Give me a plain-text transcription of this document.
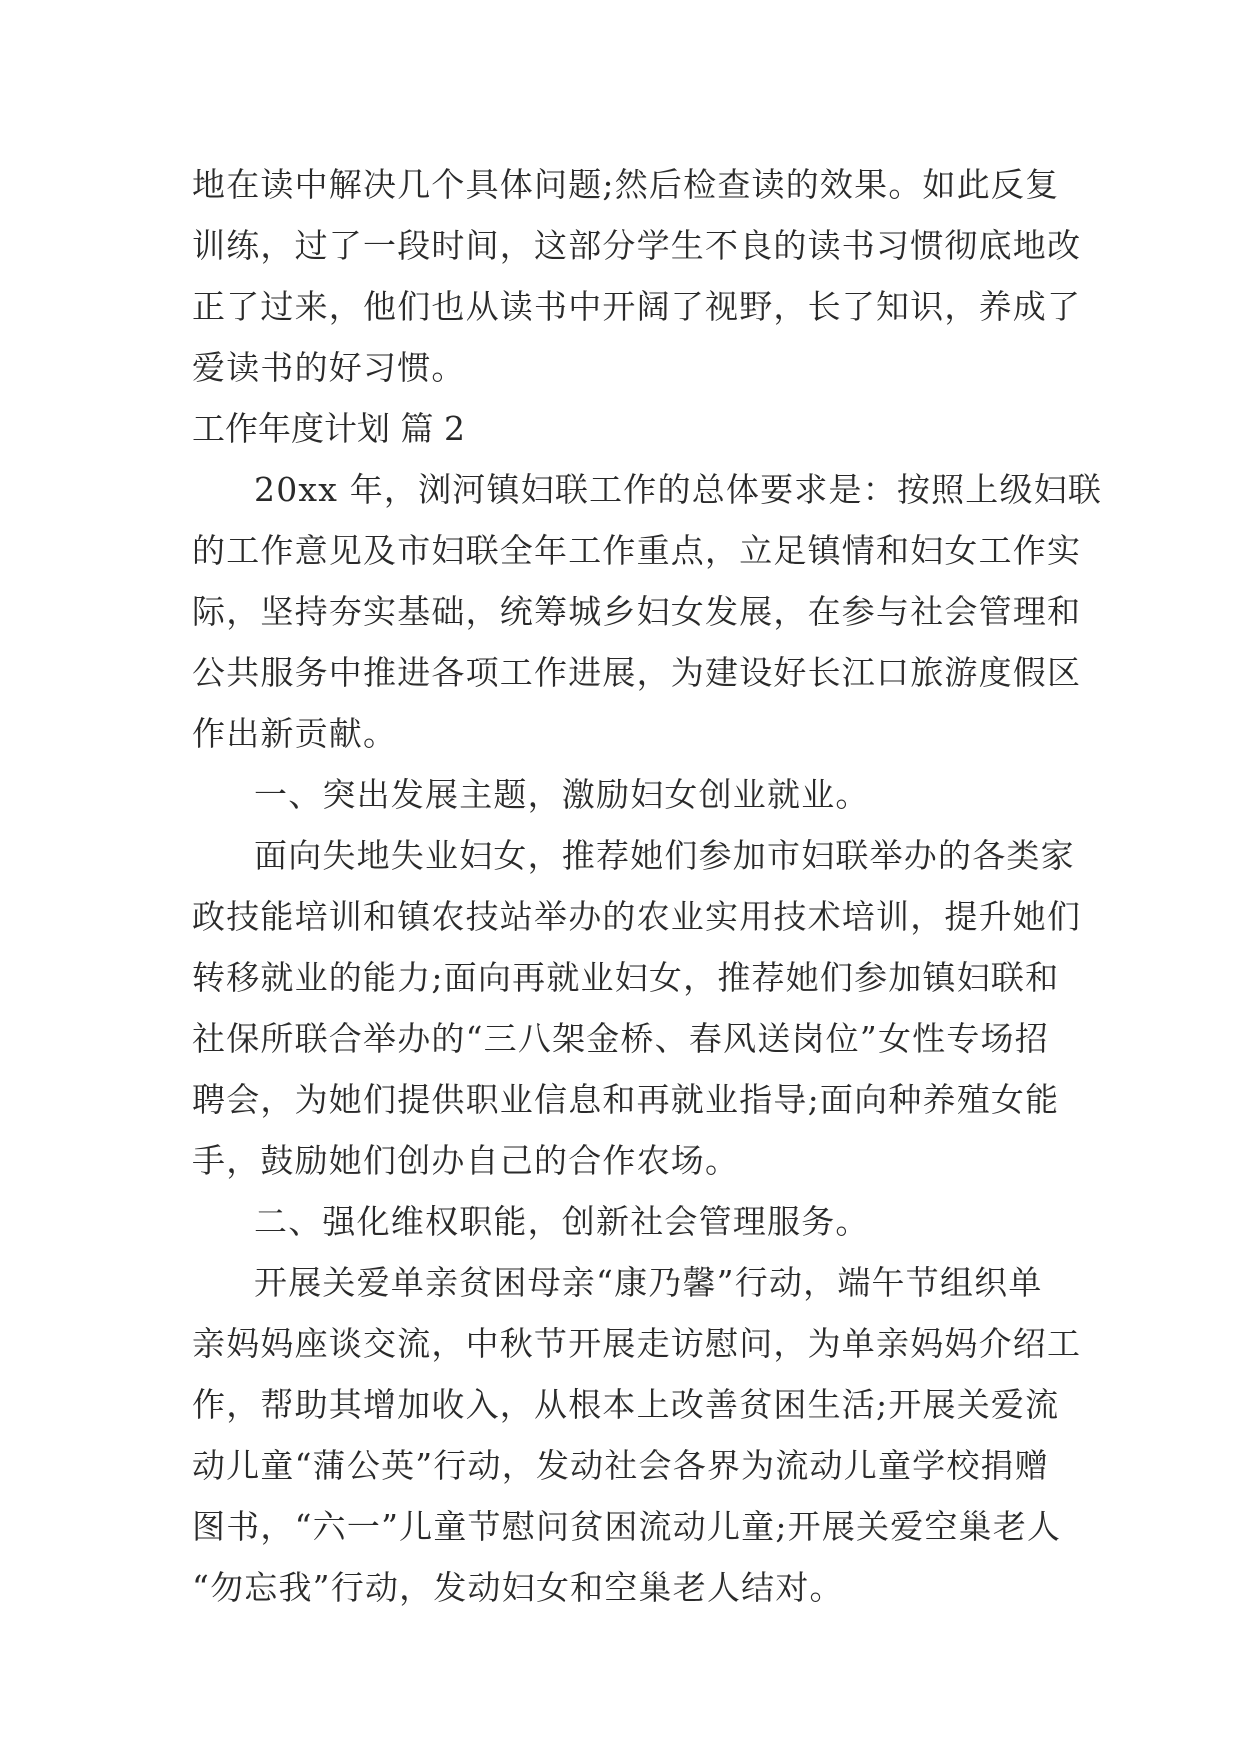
地在读中解决几个具体问题;然后检查读的效果。如此反复
训练，过了一段时间，这部分学生不良的读书习惯彻底地改
正了过来，他们也从读书中开阔了视野，长了知识，养成了
爱读书的好习惯。
工作年度计划 篇 2
20xx 年，浏河镇妇联工作的总体要求是：按照上级妇联
的工作意见及市妇联全年工作重点，立足镇情和妇女工作实
际，坚持夯实基础，统筹城乡妇女发展，在参与社会管理和
公共服务中推进各项工作进展，为建设好长江口旅游度假区
作出新贡献。
一、突出发展主题，激励妇女创业就业。
面向失地失业妇女，推荐她们参加市妇联举办的各类家
政技能培训和镇农技站举办的农业实用技术培训，提升她们
转移就业的能力;面向再就业妇女，推荐她们参加镇妇联和
社保所联合举办的“三八架金桥、春风送岗位”女性专场招
聘会，为她们提供职业信息和再就业指导;面向种养殖女能
手，鼓励她们创办自己的合作农场。
二、强化维权职能，创新社会管理服务。
开展关爱单亲贫困母亲“康乃馨”行动，端午节组织单
亲妈妈座谈交流，中秋节开展走访慰问，为单亲妈妈介绍工
作，帮助其增加收入，从根本上改善贫困生活;开展关爱流
动儿童“蒲公英”行动，发动社会各界为流动儿童学校捐赠
图书，“六一”儿童节慰问贫困流动儿童;开展关爱空巢老人
“勿忘我”行动，发动妇女和空巢老人结对。
